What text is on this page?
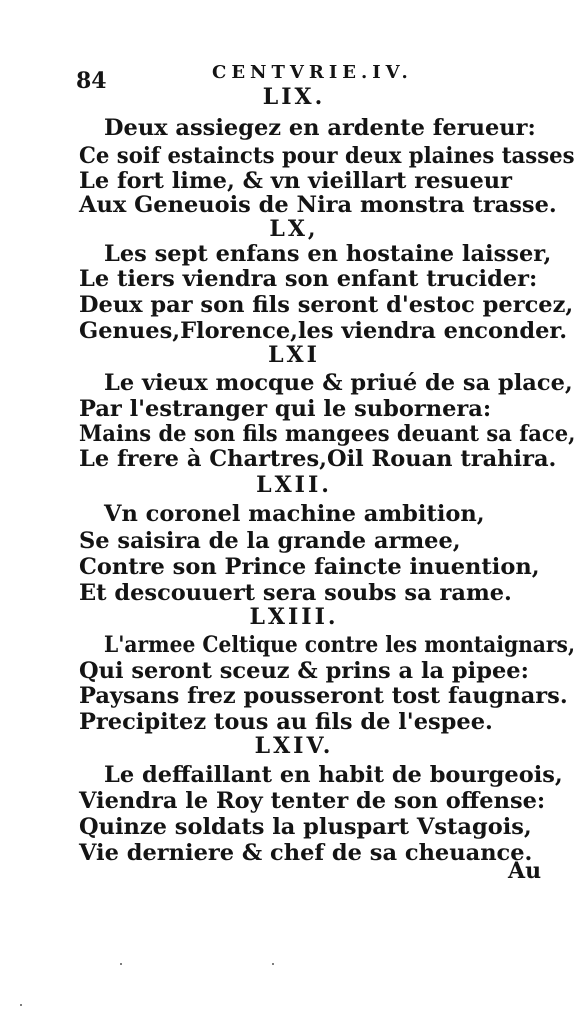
84	CENTVRIE.IV.
LIX.
Deux assiegez en ardente ferueur:
Ce soif estaincts pour deux plaines tasses
Le fort lime, & vn vieillart resueur
Aux Geneuois de Nira monstra trasse.
LX,
Les sept enfans en hostaine laisser,
Le tiers viendra son enfant trucider:
Deux par son fils seront d'estoc percez,
Genues,Florence,les viendra enconder.
LXI
Le vieux mocque & priué de sa place,
Par l'estranger qui le subornera:
Mains de son fils mangees deuant sa face,
Le frere à Chartres,Oil Rouan trahira.
LXII.
Vn coronel machine ambition,
Se saisira de la grande armee,
Contre son Prince faincte inuention,
Et descouuert sera soubs sa rame.
LXIII.
L'armee Celtique contre les montaignars,
Qui seront sceuz & prins a la pipee:
Paysans frez pousseront tost faugnars.
Precipitez tous au fils de l'espee.
LXIV.
Le deffaillant en habit de bourgeois,
Viendra le Roy tenter de son offense:
Quinze soldats la pluspart Vstagois,
Vie derniere & chef de sa cheuance.
Au
